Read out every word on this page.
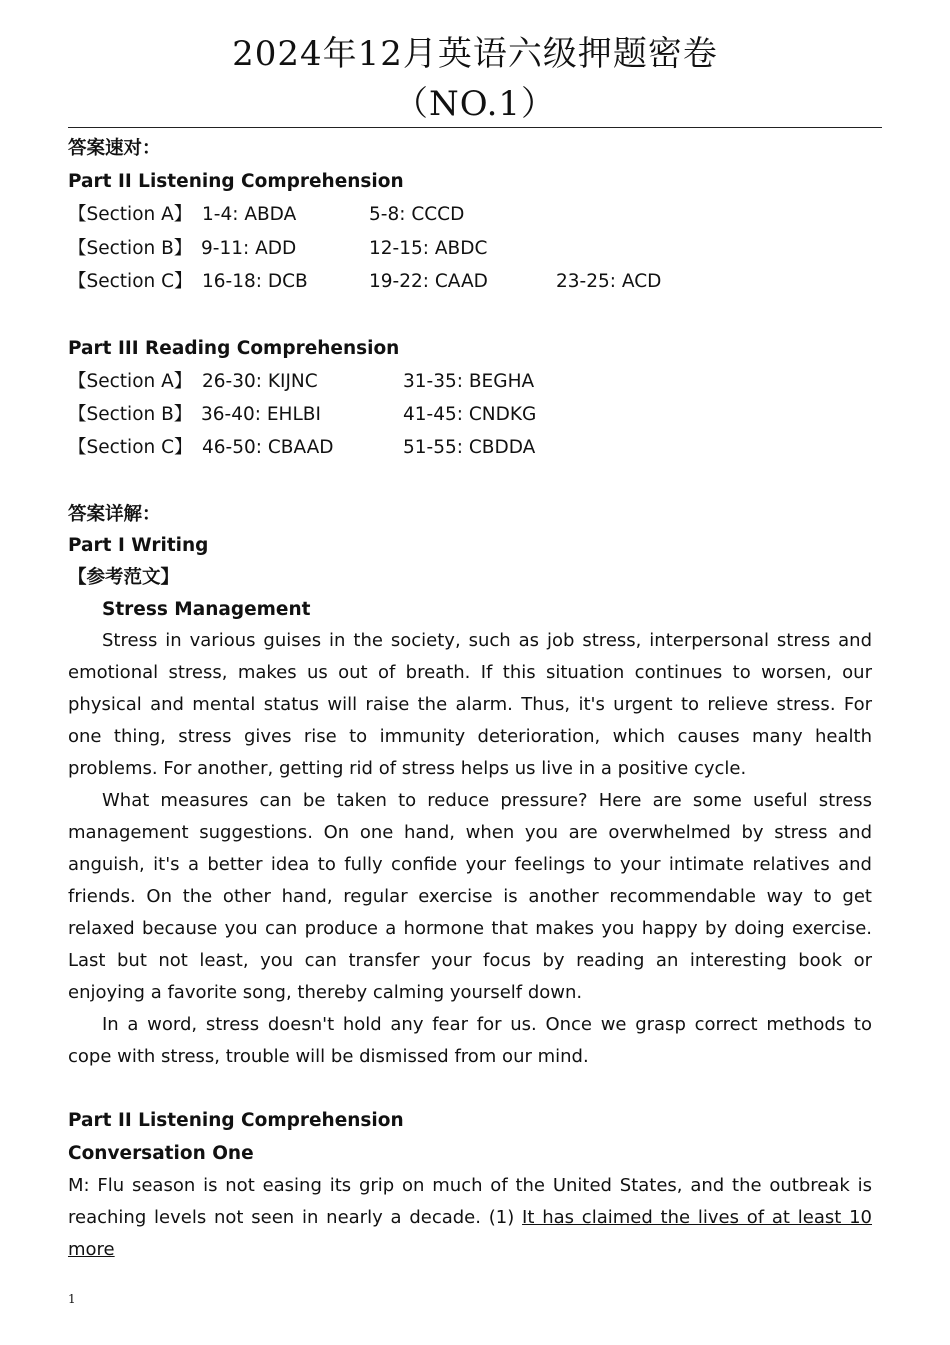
2024年12月英语六级押题密卷
（NO.1）
答案速对：
Part II Listening Comprehension
【Section A】 1-4: ABDA	5-8: CCCD
【Section B】 9-11: ADD	12-15: ABDC
【Section C】 16-18: DCB	19-22: CAAD	23-25: ACD
Part III Reading Comprehension
【Section A】 26-30: KIJNC	31-35: BEGHA
【Section B】 36-40: EHLBI	41-45: CNDKG
【Section C】 46-50: CBAAD	51-55: CBDDA
答案详解：
Part I Writing
【参考范文】
Stress Management
Stress in various guises in the society, such as job stress, interpersonal stress and emotional stress, makes us out of breath. If this situation continues to worsen, our physical and mental status will raise the alarm. Thus, it's urgent to relieve stress. For one thing, stress gives rise to immunity deterioration, which causes many health problems. For another, getting rid of stress helps us live in a positive cycle.
What measures can be taken to reduce pressure? Here are some useful stress management suggestions. On one hand, when you are overwhelmed by stress and anguish, it's a better idea to fully confide your feelings to your intimate relatives and friends. On the other hand, regular exercise is another recommendable way to get relaxed because you can produce a hormone that makes you happy by doing exercise. Last but not least, you can transfer your focus by reading an interesting book or enjoying a favorite song, thereby calming yourself down.
In a word, stress doesn't hold any fear for us. Once we grasp correct methods to cope with stress, trouble will be dismissed from our mind.
Part II Listening Comprehension
Conversation One
M: Flu season is not easing its grip on much of the United States, and the outbreak is reaching levels not seen in nearly a decade. (1) It has claimed the lives of at least 10 more
1
